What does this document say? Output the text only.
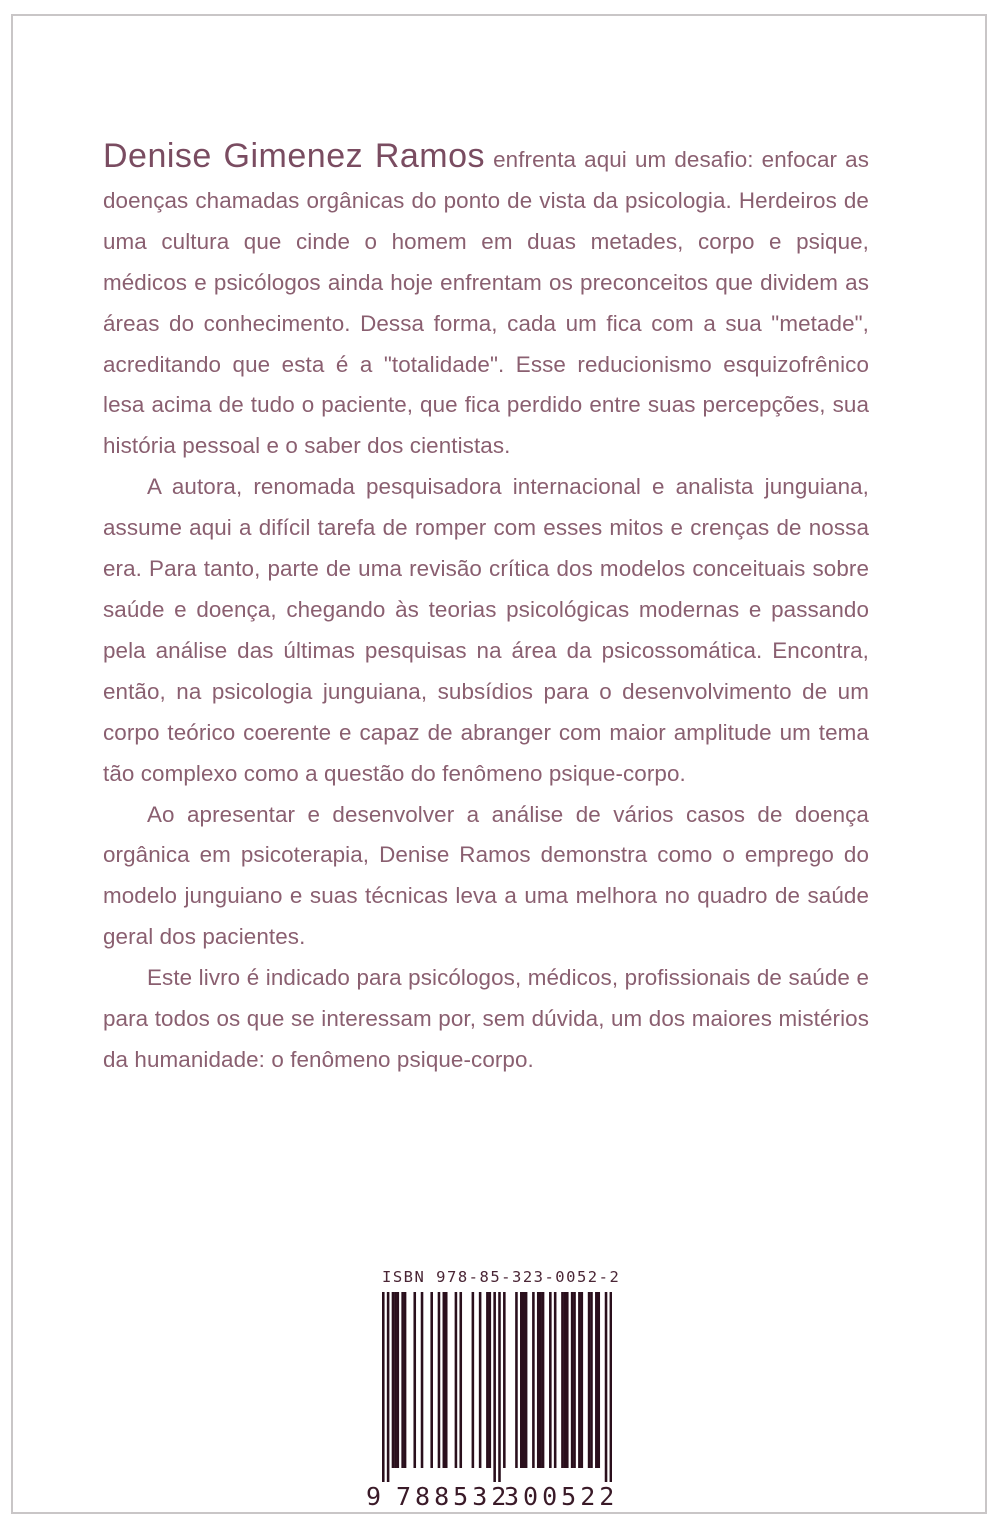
Denise Gimenez Ramos enfrenta aqui um desafio: enfocar as doenças chamadas orgânicas do ponto de vista da psicologia. Herdeiros de uma cultura que cinde o homem em duas metades, corpo e psique, médicos e psicólogos ainda hoje enfrentam os preconceitos que dividem as áreas do conhecimento. Dessa forma, cada um fica com a sua "metade", acreditando que esta é a "totalidade". Esse reducionismo esquizofrênico lesa acima de tudo o paciente, que fica perdido entre suas percepções, sua história pessoal e o saber dos cientistas.

A autora, renomada pesquisadora internacional e analista junguiana, assume aqui a difícil tarefa de romper com esses mitos e crenças de nossa era. Para tanto, parte de uma revisão crítica dos modelos conceituais sobre saúde e doença, chegando às teorias psicológicas modernas e passando pela análise das últimas pesquisas na área da psicossomática. Encontra, então, na psicologia junguiana, subsídios para o desenvolvimento de um corpo teórico coerente e capaz de abranger com maior amplitude um tema tão complexo como a questão do fenômeno psique-corpo.

Ao apresentar e desenvolver a análise de vários casos de doença orgânica em psicoterapia, Denise Ramos demonstra como o emprego do modelo junguiano e suas técnicas leva a uma melhora no quadro de saúde geral dos pacientes.

Este livro é indicado para psicólogos, médicos, profissionais de saúde e para todos os que se interessam por, sem dúvida, um dos maiores mistérios da humanidade: o fenômeno psique-corpo.

ISBN 978-85-323-0052-2
9 788532
300522
